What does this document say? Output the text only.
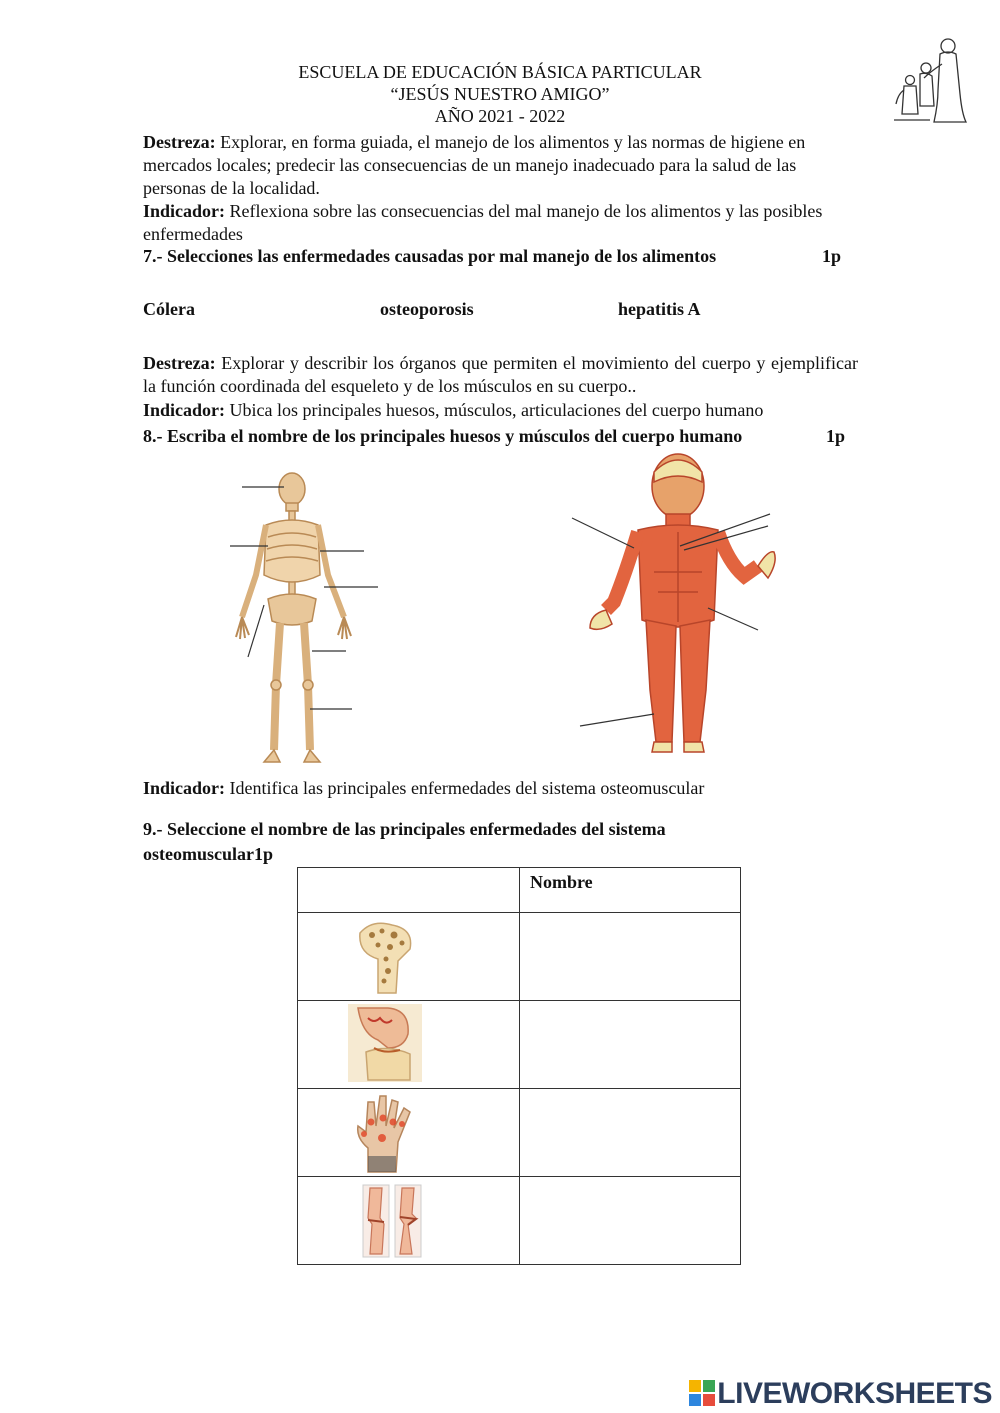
ESCUELA DE EDUCACIÓN BÁSICA PARTICULAR
“JESÚS NUESTRO AMIGO”
AÑO 2021 - 2022
Destreza: Explorar, en forma guiada, el manejo de los alimentos y las normas de higiene en mercados locales; predecir las consecuencias de un manejo inadecuado para la salud de las personas de la localidad.
Indicador: Reflexiona sobre las consecuencias del mal manejo de los alimentos y las posibles enfermedades
7.- Selecciones las enfermedades causadas por mal manejo de los alimentos	1p
Cólera	osteoporosis	hepatitis A
Destreza: Explorar y describir los órganos que permiten el movimiento del cuerpo y ejemplificar la función coordinada del esqueleto y de los músculos en su cuerpo..
Indicador: Ubica los principales huesos, músculos, articulaciones del cuerpo humano
8.- Escriba el nombre de los principales huesos y músculos del cuerpo humano	1p
Indicador: Identifica las principales enfermedades del sistema osteomuscular
9.- Seleccione el nombre de las principales enfermedades del sistema osteomuscular1p
	Nombre

LIVEWORKSHEETS
